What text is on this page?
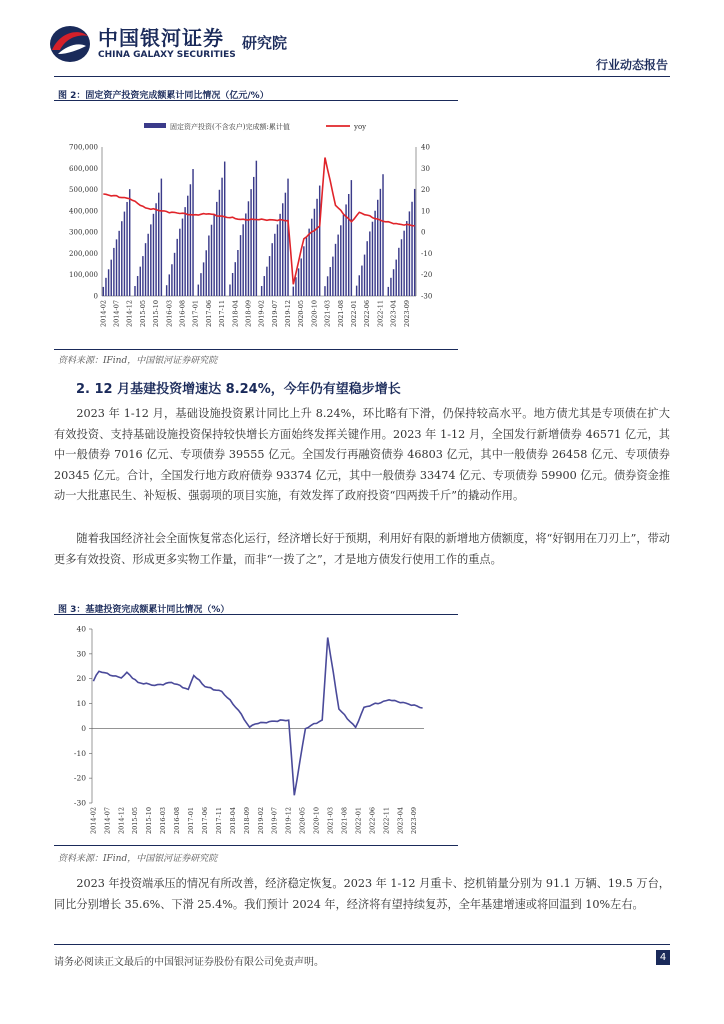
中国银河证券
CHINA GALAXY SECURITIES
研究院
行业动态报告
图 2：固定资产投资完成额累计同比情况（亿元/%）
固定资产投资(不含农户)完成额:累计值	yoy
0
100,000
200,000
300,000
400,000
500,000
600,000
700,000
-30
-20
-10
0
10
20
30
40
2014-02 2014-07 2014-12 2015-05 2015-10 2016-03 2016-08 2017-01 2017-06 2017-11 2018-04 2018-09 2019-02 2019-07 2019-12 2020-05 2020-10 2021-03 2021-08 2022-01 2022-06 2022-11 2023-04 2023-09
资料来源：IFind，中国银河证券研究院
2. 12 月基建投资增速达 8.24%，今年仍有望稳步增长

2023 年 1-12 月，基础设施投资累计同比上升 8.24%，环比略有下滑，仍保持较高水平。地方债尤其是专项债在扩大有效投资、支持基础设施投资保持较快增长方面始终发挥关键作用。2023 年 1-12 月，全国发行新增债券 46571 亿元，其中一般债券 7016 亿元、专项债券 39555 亿元。全国发行再融资债券 46803 亿元，其中一般债券 26458 亿元、专项债券 20345 亿元。合计，全国发行地方政府债券 93374 亿元，其中一般债券 33474 亿元、专项债券 59900 亿元。债券资金推动一大批惠民生、补短板、强弱项的项目实施，有效发挥了政府投资“四两拨千斤”的撬动作用。

随着我国经济社会全面恢复常态化运行，经济增长好于预期，利用好有限的新增地方债额度，将“好钢用在刀刃上”，带动更多有效投资、形成更多实物工作量，而非“一拨了之”，才是地方债发行使用工作的重点。

图 3：基建投资完成额累计同比情况（%）
-30
-20
-10
0
10
20
30
40
2014-02 2014-07 2014-12 2015-05 2015-10 2016-03 2016-08 2017-01 2017-06 2017-11 2018-04 2018-09 2019-02 2019-07 2019-12 2020-05 2020-10 2021-03 2021-08 2022-01 2022-06 2022-11 2023-04 2023-09
资料来源：IFind，中国银河证券研究院

2023 年投资端承压的情况有所改善，经济稳定恢复。2023 年 1-12 月重卡、挖机销量分别为 91.1 万辆、19.5 万台，同比分别增长 35.6%、下滑 25.4%。我们预计 2024 年，经济将有望持续复苏，全年基建增速或将回温到 10%左右。

请务必阅读正文最后的中国银河证券股份有限公司免责声明。	4
